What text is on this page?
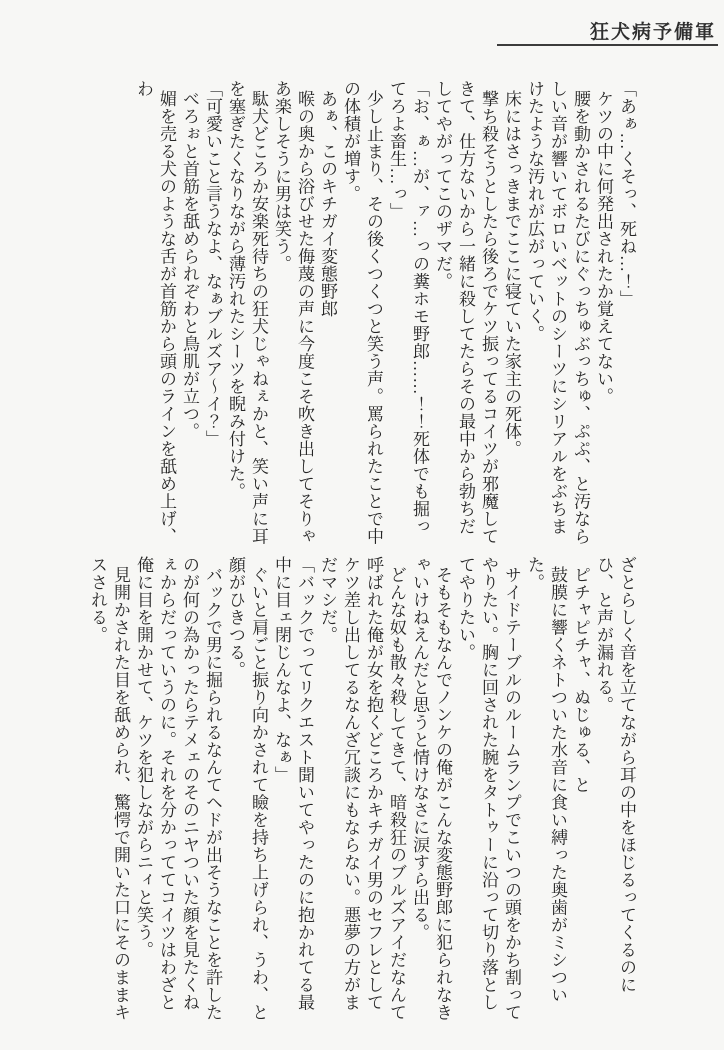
狂犬病予備軍

「あぁ…くそっ、死ね…！」

ケツの中に何発出されたか覚えてない。

腰を動かされるたびにぐっちゅぶっちゅ、ぷぷ、と汚ならしい音が響いてボロいベットのシーツにシリアルをぶちまけたような汚れが広がっていく。

床にはさっきまでここに寝ていた家主の死体。

撃ち殺そうとしたら後ろでケツ振ってるコイツが邪魔してきて、仕方ないから一緒に殺してたらその最中から勃ちだしてやがってこのザマだ。

「お、ぁ…が、ァ…っの糞ホモ野郎……！！死体でも掘ってろよ畜生…っ」

少し止まり、その後くつくつと笑う声。罵られたことで中の体積が増す。

あぁ、このキチガイ変態野郎

喉の奥から浴びせた侮蔑の声に今度こそ吹き出してそりゃあ楽しそうに男は笑う。

駄犬どころか安楽死待ちの狂犬じゃねぇかと、笑い声に耳を塞ぎたくなりながら薄汚れたシーツを睨み付けた。

「可愛いこと言うなよ、なぁブルズア～イ？」

べろぉと首筋を舐められぞわと鳥肌が立つ。

媚を売る犬のような舌が首筋から頭のラインを舐め上げ、わ

ざとらしく音を立てながら耳の中をほじるってくるのに　ひ、と声が漏れる。

ピチャピチャ、ぬじゅる、と

鼓膜に響くネトついた水音に食い縛った奥歯がミシついた。

サイドテーブルのルームランプでこいつの頭をかち割ってやりたい。胸に回された腕をタトゥーに沿って切り落としてやりたい。

そもそもなんでノンケの俺がこんな変態野郎に犯られなきゃいけねえんだと思うと情けなさに涙すら出る。

どんな奴も散々殺してきて、暗殺狂のブルズアイだなんて呼ばれた俺が女を抱くどころかキチガイ男のセフレとしてケツ差し出してるなんざ冗談にもならない。悪夢の方がまだマシだ。

「バックでってリクエスト聞いてやったのに抱かれてる最中に目ェ閉じんなよ、なぁ」

ぐいと肩ごと振り向かされて瞼を持ち上げられ、うわ、と顔がひきつる。

バックで男に掘られるなんてヘドが出そうなことを許したのが何の為かったらテメェのそのニヤついた顔を見たくねぇからだっていうのに。それを分かっててコイツはわざと俺に目を開かせて、ケツを犯しながらニィと笑う。

見開かされた目を舐められ、驚愕で開いた口にそのままキスされる。
